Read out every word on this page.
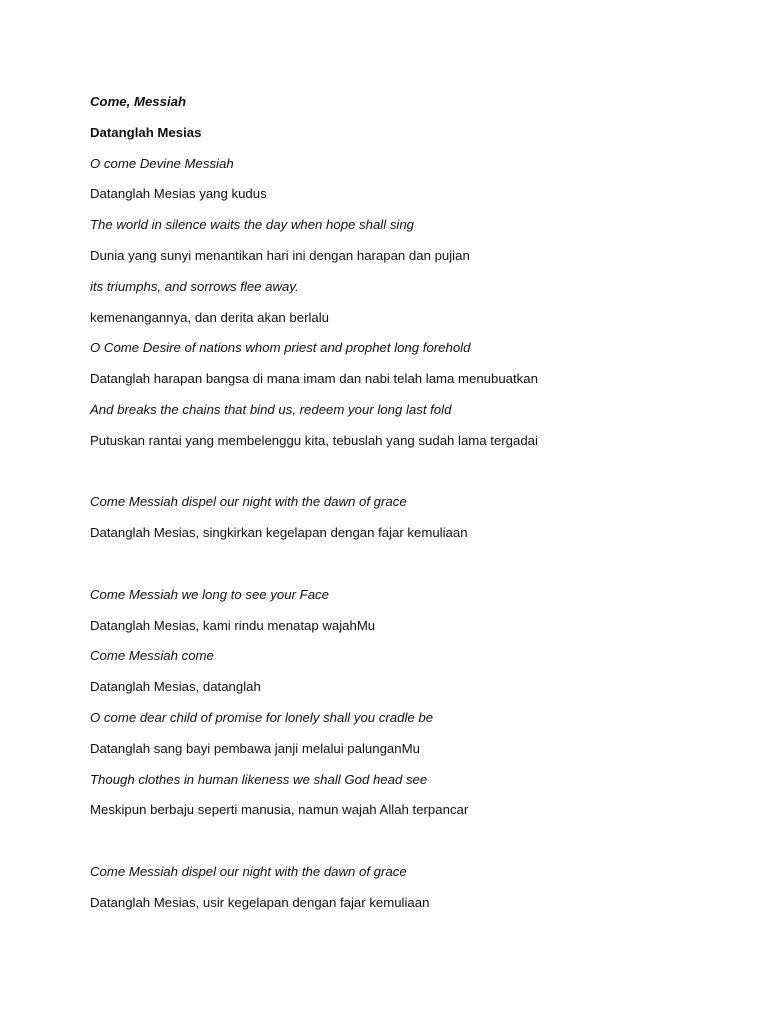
Come, Messiah
Datanglah Mesias
O come Devine Messiah
Datanglah Mesias yang kudus
The world in silence waits the day when hope shall sing
Dunia yang sunyi menantikan hari ini dengan harapan dan pujian
its triumphs, and sorrows flee away.
kemenangannya, dan derita akan berlalu
O Come Desire of nations whom priest and prophet long forehold
Datanglah harapan bangsa di mana imam dan nabi telah lama menubuatkan
And breaks the chains that bind us, redeem your long last fold
Putuskan rantai yang membelenggu kita, tebuslah yang sudah lama tergadai
Come Messiah dispel our night with the dawn of grace
Datanglah Mesias, singkirkan kegelapan dengan fajar kemuliaan
Come Messiah we long to see your Face
Datanglah Mesias, kami rindu menatap wajahMu
Come Messiah come
Datanglah Mesias, datanglah
O come dear child of promise for lonely shall you cradle be
Datanglah sang bayi pembawa janji melalui palunganMu
Though clothes in human likeness we shall God head see
Meskipun berbaju seperti manusia, namun wajah Allah terpancar
Come Messiah dispel our night with the dawn of grace
Datanglah Mesias, usir kegelapan dengan fajar kemuliaan
